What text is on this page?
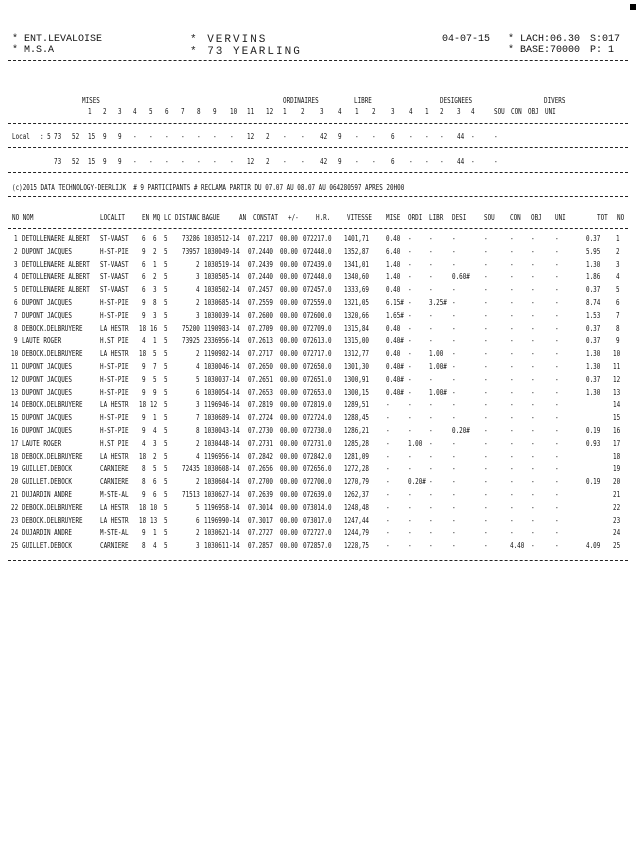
* ENT.LEVALOISE
* M.S.A
* VERVINS
* 73 YEARLING
04-07-15 * LACH:06.30
* BASE:70000
S:017
P: 1
MISES	ORDINAIRES	LIBRE	DESIGNEES	DIVERS
1 2 3 4 5 6 7 8 9 10 11 12 1 2 3 4 1 2 3 4 1 2 3 4	SOU CON OBJ UNI
Local : 5 73 52 15 9 9 - - - - - - - 12 2 - - 42 9 - - 6 - - - 44 -	-
73 52 15 9 9 - - - - - - - 12 2 - - 42 9 - - 6 - - - 44 -	-
(c)2015 DATA TECHNOLOGY-DEERLIJK  # 9 PARTICIPANTS # RECLAMA PARTIR DU 07.07 AU 08.07 AU 064280597 APRES 20H00
NO NOM	LOCALIT EN MQ LC DISTANC BAGUE	AN CONSTAT +/- H.R. VITESSE MISE ORDI LIBR DESI SOU CON OBJ UNI	TOT NO
1 DETOLLENAERE ALBERT ST-VAAST 6 6 5 73286 1030512-14 07.2217 00.00 072217.0 1401,71 0.40 - -	-	-	- -	-	0.37 1
2 DUPONT JACQUES	H-ST-PIE 9 2 5 73957 1030049-14 07.2440 00.00 072440.0 1352,87 6.40 - -	-	-	- -	-	5.95 2
3 DETOLLENAERE ALBERT ST-VAAST 6 1 5	2 1030519-14 07.2439 00.00 072439.0 1341,01 1.40 - -	-	-	- -	-	1.30 3
4 DETOLLENAERE ALBERT ST-VAAST 6 2 5	3 1030505-14 07.2440 00.00 072440.0 1340,60 1.40 - -	0.60# -	- -	-	1.86 4
5 DETOLLENAERE ALBERT ST-VAAST 6 3 5	4 1030502-14 07.2457 00.00 072457.0 1333,69 0.40 - -	-	-	- -	-	0.37 5
6 DUPONT JACQUES	H-ST-PIE 9 8 5	2 1030685-14 07.2559 00.00 072559.0 1321,05 6.15# - 3.25# -	-	- -	-	8.74 6
7 DUPONT JACQUES	H-ST-PIE 9 3 5	3 1030039-14 07.2600 00.00 072600.0 1320,66 1.65# - -	-	-	- -	-	1.53 7
8 DEBOCK.DELBRUYERE LA HESTR 18 16 5 75200 1190983-14 07.2709 00.00 072709.0 1315,84 0.40 - -	-	-	- -	-	0.37 8
9 LAUTE ROGER	H.ST PIE 4 1 5 73925 2336956-14 07.2613 00.00 072613.0 1315,00 0.40# - -	-	-	- -	-	0.37 9
10 DEBOCK.DELBRUYERE LA HESTR 18 5 5	2 1190982-14 07.2717 00.00 072717.0 1312,77 0.40 - 1.00 -	-	- -	-	1.30 10
11 DUPONT JACQUES	H-ST-PIE 9 7 5	4 1030046-14 07.2650 00.00 072650.0 1301,30 0.40# - 1.00# -	-	- -	-	1.30 11
12 DUPONT JACQUES	H-ST-PIE 9 5 5	5 1030037-14 07.2651 00.00 072651.0 1300,91 0.40# - -	-	-	- -	-	0.37 12
13 DUPONT JACQUES	H-ST-PIE 9 9 5	6 1030054-14 07.2653 00.00 072653.0 1300,15 0.40# - 1.00# -	-	- -	-	1.30 13
14 DEBOCK.DELBRUYERE LA HESTR 18 12 5	3 1196946-14 07.2819 00.00 072819.0 1289,51 - - -	-	-	- -	-	14
15 DUPONT JACQUES	H-ST-PIE 9 1 5	7 1030689-14 07.2724 00.00 072724.0 1288,45 - - -	-	-	- -	-	15
16 DUPONT JACQUES	H-ST-PIE 9 4 5	8 1030043-14 07.2730 00.00 072730.0 1286,21 - - -	0.20# -	- -	-	0.19 16
17 LAUTE ROGER	H.ST PIE 4 3 5	2 1030448-14 07.2731 00.00 072731.0 1285,28 - 1.00 -	-	-	- -	-	0.93 17
18 DEBOCK.DELBRUYERE LA HESTR 18 2 5	4 1196956-14 07.2842 00.00 072842.0 1281,09 - - -	-	-	- -	-	18
19 GUILLET.DEBOCK	CARNIERE 8 5 5 72435 1030608-14 07.2656 00.00 072656.0 1272,28 - - -	-	-	- -	-	19
20 GUILLET.DEBOCK	CARNIERE 8 6 5	2 1030604-14 07.2700 00.00 072700.0 1270,79 - 0.20# -	-	-	- -	-	0.19 20
21 DUJARDIN ANDRE	M-STE-AL 9 6 5 71513 1030627-14 07.2639 00.00 072639.0 1262,37 - - -	-	-	- -	-	21
22 DEBOCK.DELBRUYERE LA HESTR 18 10 5	5 1196958-14 07.3014 00.00 073014.0 1248,48 - - -	-	-	- -	-	22
23 DEBOCK.DELBRUYERE LA HESTR 18 13 5	6 1196990-14 07.3017 00.00 073017.0 1247,44 - - -	-	-	- -	-	23
24 DUJARDIN ANDRE	M-STE-AL 9 1 5	2 1030621-14 07.2727 00.00 072727.0 1244,79 - - -	-	-	- -	-	24
25 GUILLET.DEBOCK	CARNIERE 8 4 5	3 1030611-14 07.2857 00.00 072857.0 1228,75 - - -	-	-	4.40 -	-	4.09 25
